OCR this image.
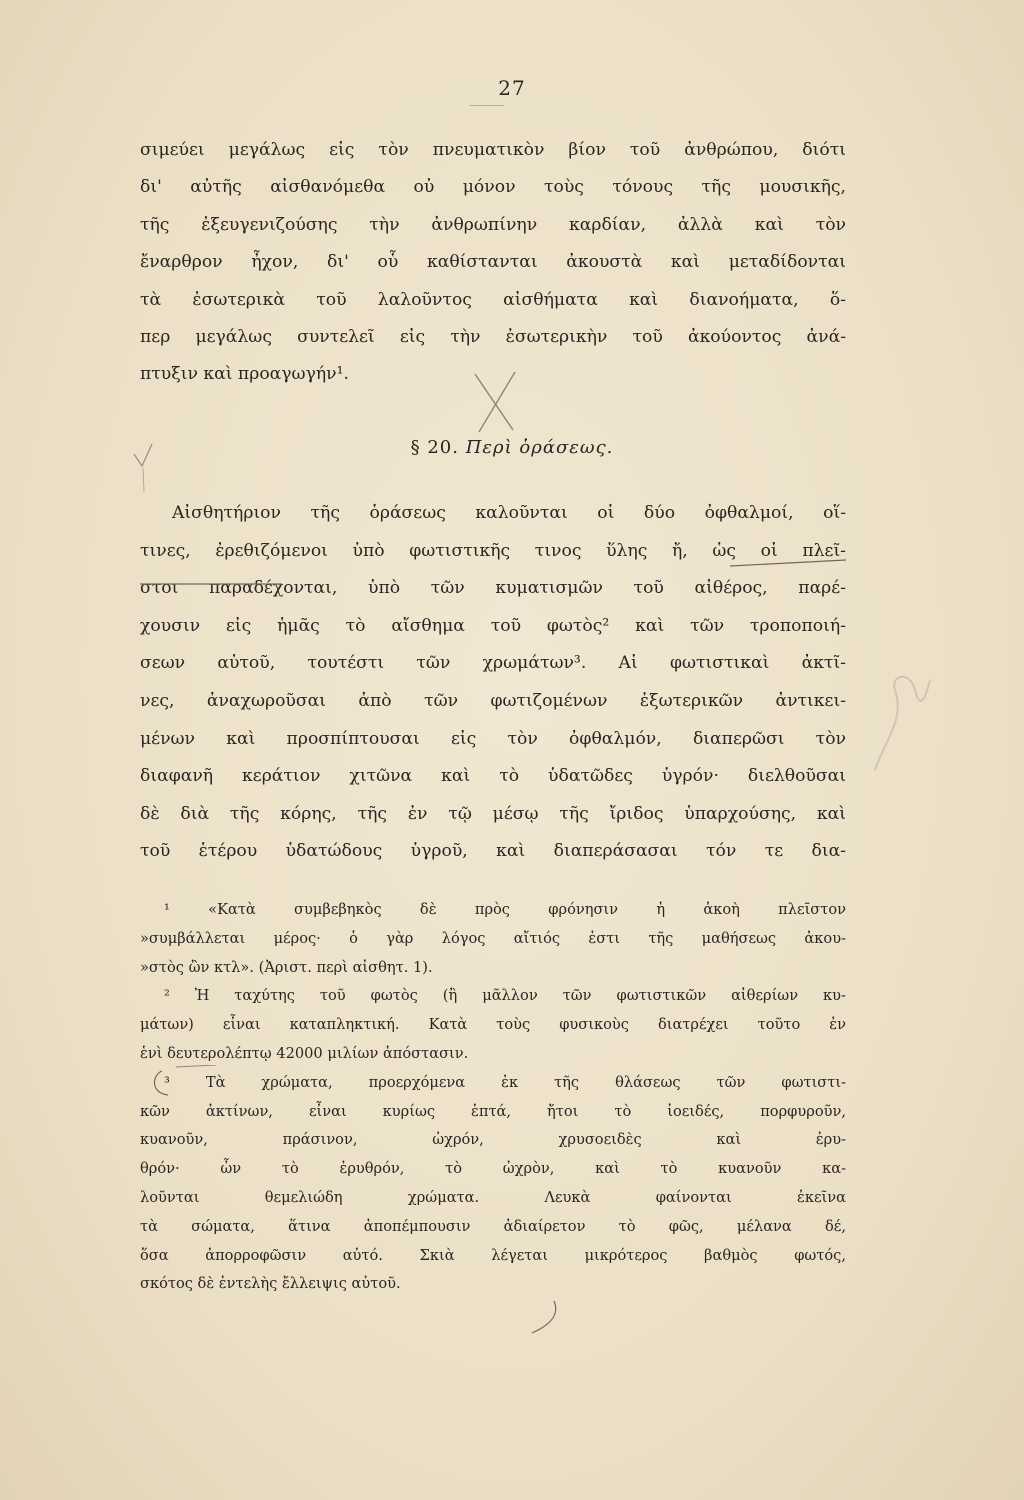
27
σιμεύει μεγάλως εἰς τὸν πνευματικὸν βίον τοῦ ἀνθρώπου, διότι
δι' αὐτῆς αἰσθανόμεθα οὐ μόνον τοὺς τόνους τῆς μουσικῆς,
τῆς ἐξευγενιζούσης τὴν ἀνθρωπίνην καρδίαν, ἀλλὰ καὶ τὸν
ἔναρθρον ἦχον, δι' οὗ καθίστανται ἀκουστὰ καὶ μεταδίδονται
τὰ ἐσωτερικὰ τοῦ λαλοῦντος αἰσθήματα καὶ διανοήματα, ὅ-
περ μεγάλως συντελεῖ εἰς τὴν ἐσωτερικὴν τοῦ ἀκούοντος ἀνά-
πτυξιν καὶ προαγωγήν¹.
§ 20. Περὶ ὁράσεως.
Αἰσθητήριον τῆς ὁράσεως καλοῦνται οἱ δύο ὀφθαλμοί, οἵ-
τινες, ἐρεθιζόμενοι ὑπὸ φωτιστικῆς τινος ὕλης ἤ, ὡς οἱ πλεῖ-
στοι παραδέχονται, ὑπὸ τῶν κυματισμῶν τοῦ αἰθέρος, παρέ-
χουσιν εἰς ἡμᾶς τὸ αἴσθημα τοῦ φωτὸς² καὶ τῶν τροποποιή-
σεων αὐτοῦ, τουτέστι τῶν χρωμάτων³. Αἱ φωτιστικαὶ ἀκτῖ-
νες, ἀναχωροῦσαι ἀπὸ τῶν φωτιζομένων ἐξωτερικῶν ἀντικει-
μένων καὶ προσπίπτουσαι εἰς τὸν ὀφθαλμόν, διαπερῶσι τὸν
διαφανῆ κεράτιον χιτῶνα καὶ τὸ ὑδατῶδες ὑγρόν· διελθοῦσαι
δὲ διὰ τῆς κόρης, τῆς ἐν τῷ μέσῳ τῆς ἴριδος ὑπαρχούσης, καὶ
τοῦ ἑτέρου ὑδατώδους ὑγροῦ, καὶ διαπεράσασαι τόν τε δια-
¹ «Κατὰ συμβεβηκὸς δὲ πρὸς φρόνησιν ἡ ἀκοὴ πλεῖστον
»συμβάλλεται μέρος· ὁ γὰρ λόγος αἴτιός ἐστι τῆς μαθήσεως ἀκου-
»στὸς ὢν κτλ». (Ἀριστ. περὶ αἰσθητ. 1).
² Ἡ ταχύτης τοῦ φωτὸς (ἢ μᾶλλον τῶν φωτιστικῶν αἰθερίων κυ-
μάτων) εἶναι καταπληκτική. Κατὰ τοὺς φυσικοὺς διατρέχει τοῦτο ἐν
ἑνὶ δευτερολέπτῳ 42000 μιλίων ἀπόστασιν.
³ Τὰ χρώματα, προερχόμενα ἐκ τῆς θλάσεως τῶν φωτιστι-
κῶν ἀκτίνων, εἶναι κυρίως ἑπτά, ἤτοι τὸ ἰοειδές, πορφυροῦν,
κυανοῦν, πράσινον, ὠχρόν, χρυσοειδὲς καὶ ἐρυ-
θρόν· ὧν τὸ ἐρυθρόν, τὸ ὠχρὸν, καὶ τὸ κυανοῦν κα-
λοῦνται θεμελιώδη χρώματα. Λευκὰ φαίνονται ἐκεῖνα
τὰ σώματα, ἅτινα ἀποπέμπουσιν ἀδιαίρετον τὸ φῶς, μέλανα δέ,
ὅσα ἀπορροφῶσιν αὐτό. Σκιὰ λέγεται μικρότερος βαθμὸς φωτός,
σκότος δὲ ἐντελὴς ἔλλειψις αὐτοῦ.
